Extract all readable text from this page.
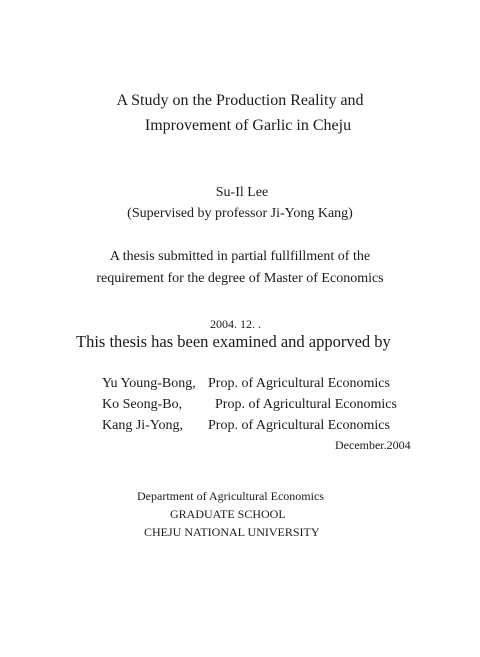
A Study on the Production Reality and
Improvement of Garlic in Cheju
Su-Il Lee
(Supervised by professor Ji-Yong Kang)
A thesis submitted in partial fullfillment of the
requirement for the degree of Master of Economics
2004. 12. .
This thesis has been examined and apporved by
Yu Young-Bong, Prop. of Agricultural Economics
Ko Seong-Bo, Prop. of Agricultural Economics
Kang Ji-Yong, Prop. of Agricultural Economics
December.2004
Department of Agricultural Economics
GRADUATE SCHOOL
CHEJU NATIONAL UNIVERSITY
